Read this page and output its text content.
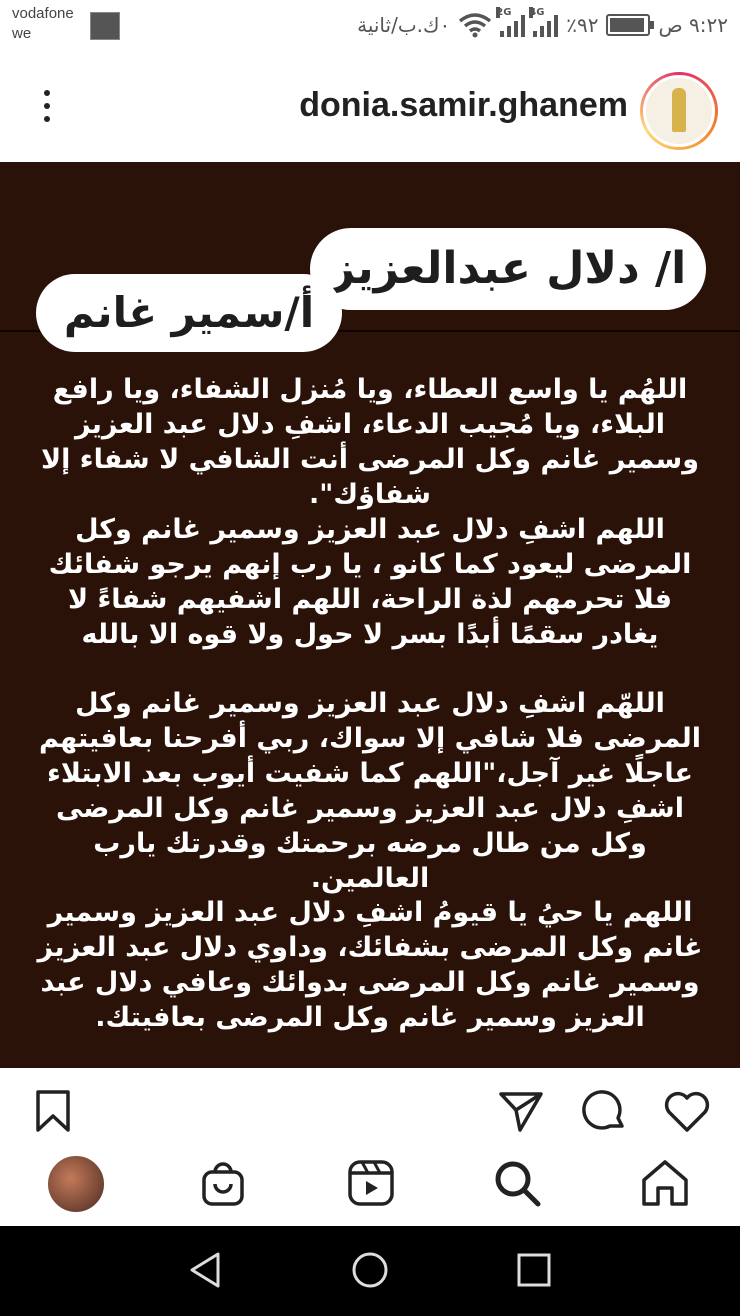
vodafone
we	٠ك.ب/ثانية
2G 4G
٪٩٢	٩:٢٢ ص
donia.samir.ghanem
ا/ دلال عبدالعزيز
أ/سمير غانم
اللهُم يا واسع العطاء، ويا مُنزل الشفاء، ويا رافع البلاء، ويا مُجيب الدعاء، اشفِ دلال عبد العزيز وسمير غانم وكل المرضى أنت الشافي لا شفاء إلا شفاؤك".
اللهم اشفِ دلال عبد العزيز وسمير غانم وكل المرضى ليعود كما كانو ، يا رب إنهم يرجو شفائك فلا تحرمهم لذة الراحة، اللهم اشفيهم شفاءً لا يغادر سقمًا أبدًا بسر لا حول ولا قوه الا بالله
اللهّم اشفِ دلال عبد العزيز وسمير غانم وكل المرضى فلا شافي إلا سواك، ربي أفرحنا بعافيتهم عاجلًا غير آجل،"اللهم كما شفيت أيوب بعد الابتلاء اشفِ دلال عبد العزيز وسمير غانم وكل المرضى وكل من طال مرضه برحمتك وقدرتك يارب العالمين.
اللهم يا حيُ يا قيومُ اشفِ دلال عبد العزيز وسمير غانم وكل المرضى بشفائك، وداوي دلال عبد العزيز وسمير غانم وكل المرضى بدوائك وعافي دلال عبد العزيز وسمير غانم وكل المرضى بعافيتك.
